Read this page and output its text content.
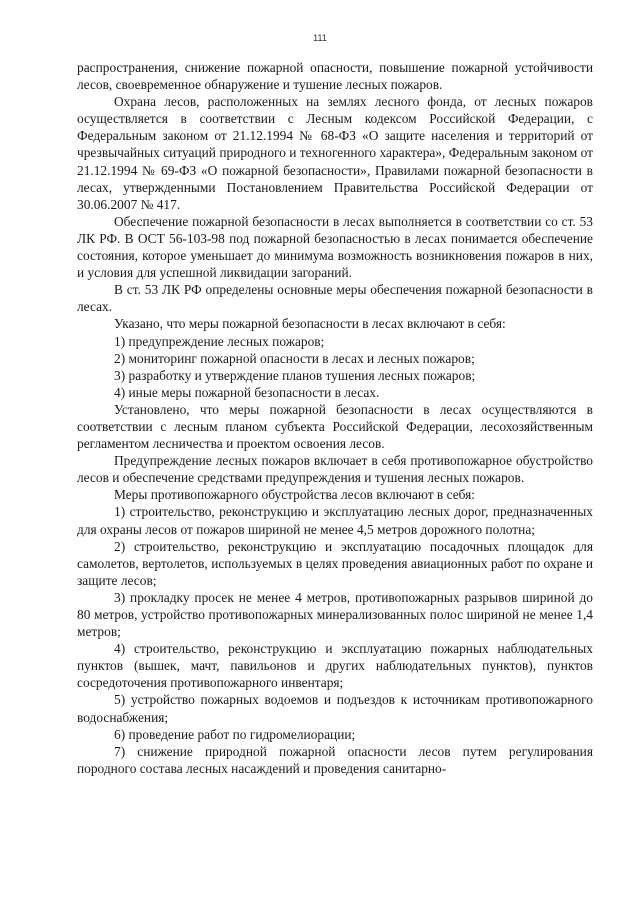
111

распространения, снижение пожарной опасности, повышение пожарной устойчивости лесов, своевременное обнаружение и тушение лесных пожаров.

Охрана лесов, расположенных на землях лесного фонда, от лесных пожаров осуществляется в соответствии с Лесным кодексом Российской Федерации, с Федеральным законом от 21.12.1994 № 68-ФЗ «О защите населения и территорий от чрезвычайных ситуаций природного и техногенного характера», Федеральным законом от 21.12.1994 № 69-ФЗ «О пожарной безопасности», Правилами пожарной безопасности в лесах, утвержденными Постановлением Правительства Российской Федерации от 30.06.2007 № 417.

Обеспечение пожарной безопасности в лесах выполняется в соответствии со ст. 53 ЛК РФ. В ОСТ 56-103-98 под пожарной безопасностью в лесах понимается обеспечение состояния, которое уменьшает до минимума возможность возникновения пожаров в них, и условия для успешной ликвидации загораний.

В ст. 53 ЛК РФ определены основные меры обеспечения пожарной безопасности в лесах.

Указано, что меры пожарной безопасности в лесах включают в себя:

1) предупреждение лесных пожаров;

2) мониторинг пожарной опасности в лесах и лесных пожаров;

3) разработку и утверждение планов тушения лесных пожаров;

4) иные меры пожарной безопасности в лесах.

Установлено, что меры пожарной безопасности в лесах осуществляются в соответствии с лесным планом субъекта Российской Федерации, лесохозяйственным регламентом лесничества и проектом освоения лесов.

Предупреждение лесных пожаров включает в себя противопожарное обустройство лесов и обеспечение средствами предупреждения и тушения лесных пожаров.

Меры противопожарного обустройства лесов включают в себя:

1) строительство, реконструкцию и эксплуатацию лесных дорог, предназначенных для охраны лесов от пожаров шириной не менее 4,5 метров дорожного полотна;

2) строительство, реконструкцию и эксплуатацию посадочных площадок для самолетов, вертолетов, используемых в целях проведения авиационных работ по охране и защите лесов;

3) прокладку просек не менее 4 метров, противопожарных разрывов шириной до 80 метров, устройство противопожарных минерализованных полос шириной не менее 1,4 метров;

4) строительство, реконструкцию и эксплуатацию пожарных наблюдательных пунктов (вышек, мачт, павильонов и других наблюдательных пунктов), пунктов сосредоточения противопожарного инвентаря;

5) устройство пожарных водоемов и подъездов к источникам противопожарного водоснабжения;

6) проведение работ по гидромелиорации;

7) снижение природной пожарной опасности лесов путем регулирования породного состава лесных насаждений и проведения санитарно-
